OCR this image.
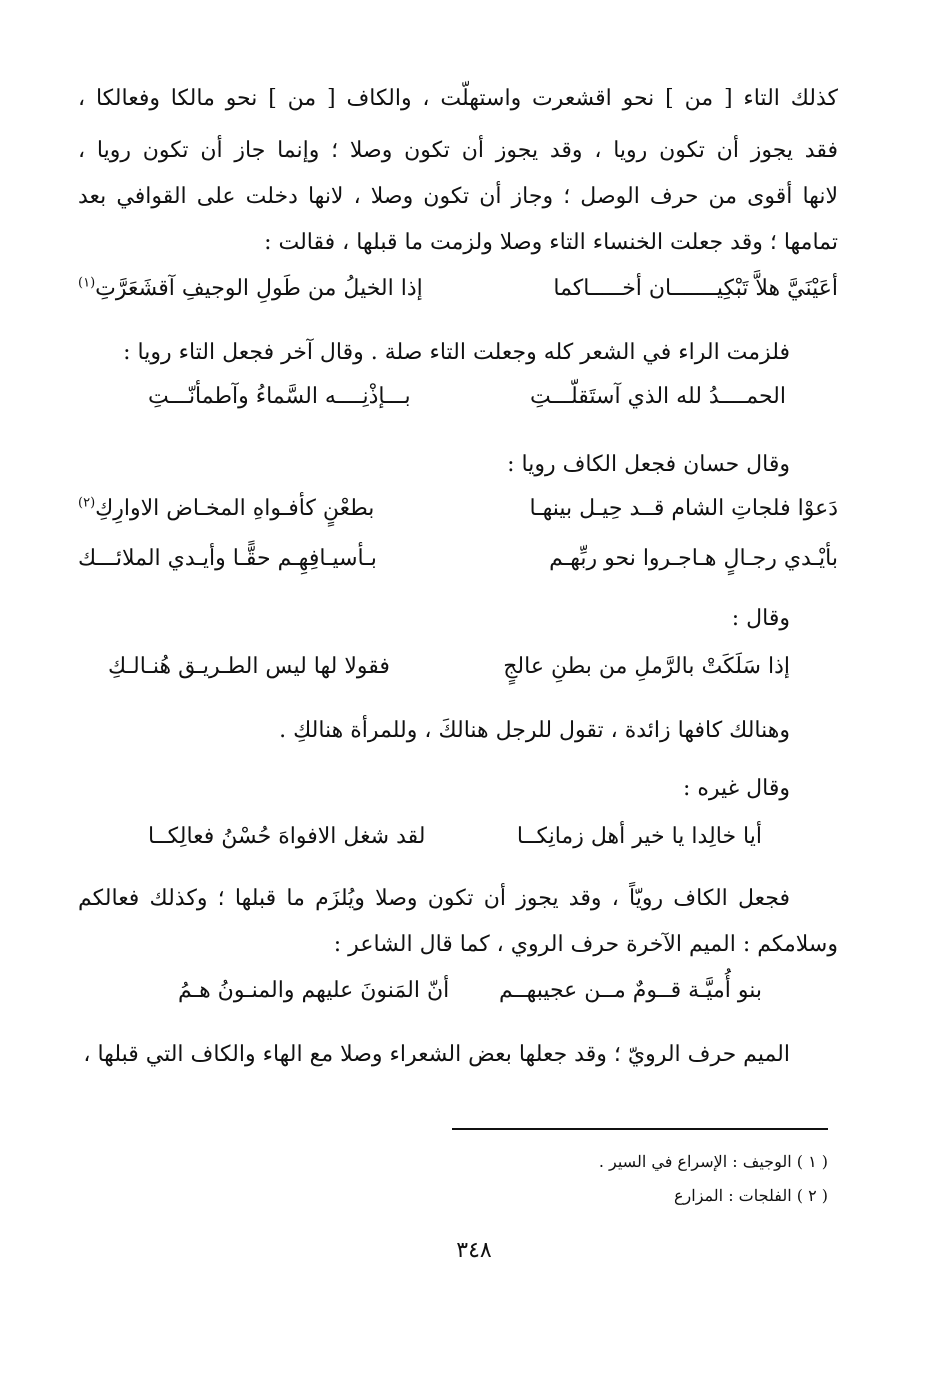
كذلك التاء [ من ] نحو اقشعرت واستهلّت ، والكاف [ من ] نحو مالكا وفعالكا ،
فقد يجوز أن تكون رويا ، وقد يجوز أن تكون وصلا ؛ وإنما جاز أن تكون رويا ،
لانها أقوى من حرف الوصل ؛ وجاز أن تكون وصلا ، لانها دخلت على القوافي بعد
تمامها ؛ وقد جعلت الخنساء التاء وصلا ولزمت ما قبلها ، فقالت :
أعَيْنَيَّ هلاَّ تَبْكِيـــــــان أخـــــاكما
إذا الخيلُ من طَولِ الوجيفِ آقشَعَرَّتِ$^{(١)}$
فلزمت الراء في الشعر كله وجعلت التاء صلة . وقال آخر فجعل التاء رويا :
الحمــــدُ لله الذي آستَقلّـــتِ
بـــإذْنِــــه السَّماءُ وآطمأنّـــتِ
وقال حسان فجعل الكاف رويا :
دَعوْا فلجاتِ الشام قــد حِيـل بينهـا
بطعْنٍ كأفـواهِ المخـاض الاوارِكِ$^{(٢)}$
بأيْـدي رجـالٍ هـاجـروا نحو ربِّهـم
بـأسيـافِهِـم حقًّـا وأيـدي الملائـــك
وقال :
إذا سَلَكَتْ بالرَّملِ من بطنِ عالجٍ
فقولا لها ليس الطـريـق هُنـالـكِ
وهنالك كافها زائدة ، تقول للرجل هنالكَ ، وللمرأة هنالكِ .
وقال غيره :
أيا خالِدا يا خير أهل زمانِكــا
لقد شغل الافواهَ حُسْنُ فعالِكــا
فجعل الكاف رويّاً ، وقد يجوز أن تكون وصلا ويُلزَم ما قبلها ؛ وكذلك فعالكم
وسلامكم : الميم الآخرة حرف الروي ، كما قال الشاعر :
بنو أُميَّـة قــومٌ مــن عجيبهــم
أنّ المَنونَ عليهم والمنـونُ هـمُ
الميم حرف الرويّ ؛ وقد جعلها بعض الشعراء وصلا مع الهاء والكاف التي قبلها ،
( ١ ) الوجيف : الإسراع في السير .
( ٢ ) الفلجات : المزارع
٣٤٨
